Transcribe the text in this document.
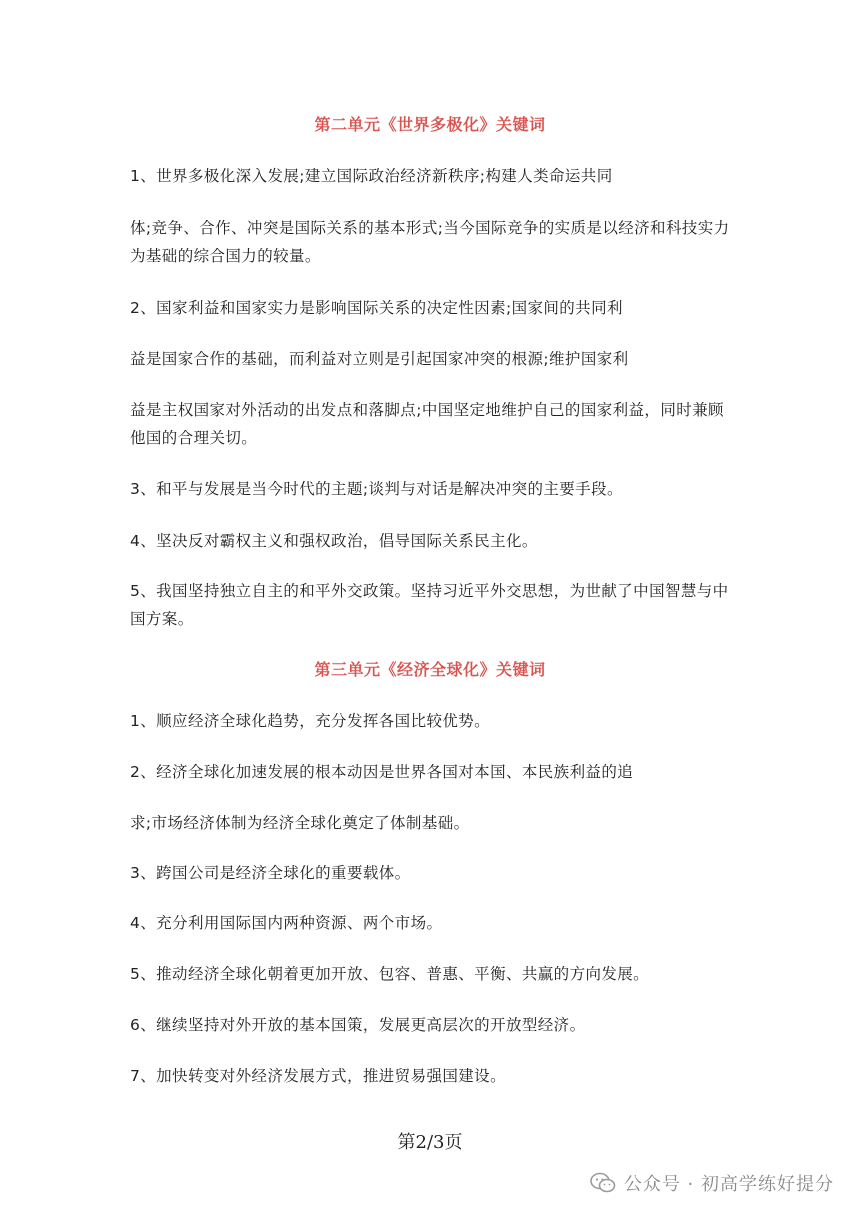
第二单元《世界多极化》关键词
1、世界多极化深入发展;建立国际政治经济新秩序;构建人类命运共同
体;竞争、合作、冲突是国际关系的基本形式;当今国际竞争的实质是以经济和科技实力
为基础的综合国力的较量。
2、国家利益和国家实力是影响国际关系的决定性因素;国家间的共同利
益是国家合作的基础，而利益对立则是引起国家冲突的根源;维护国家利
益是主权国家对外活动的出发点和落脚点;中国坚定地维护自己的国家利益，同时兼顾
他国的合理关切。
3、和平与发展是当今时代的主题;谈判与对话是解决冲突的主要手段。
4、坚决反对霸权主义和强权政治，倡导国际关系民主化。
5、我国坚持独立自主的和平外交政策。坚持习近平外交思想，为世献了中国智慧与中
国方案。
第三单元《经济全球化》关键词
1、顺应经济全球化趋势，充分发挥各国比较优势。
2、经济全球化加速发展的根本动因是世界各国对本国、本民族利益的追
求;市场经济体制为经济全球化奠定了体制基础。
3、跨国公司是经济全球化的重要载体。
4、充分利用国际国内两种资源、两个市场。
5、推动经济全球化朝着更加开放、包容、普惠、平衡、共赢的方向发展。
6、继续坚持对外开放的基本国策，发展更高层次的开放型经济。
7、加快转变对外经济发展方式，推进贸易强国建设。
第2/3页
公众号 · 初高学练好提分
